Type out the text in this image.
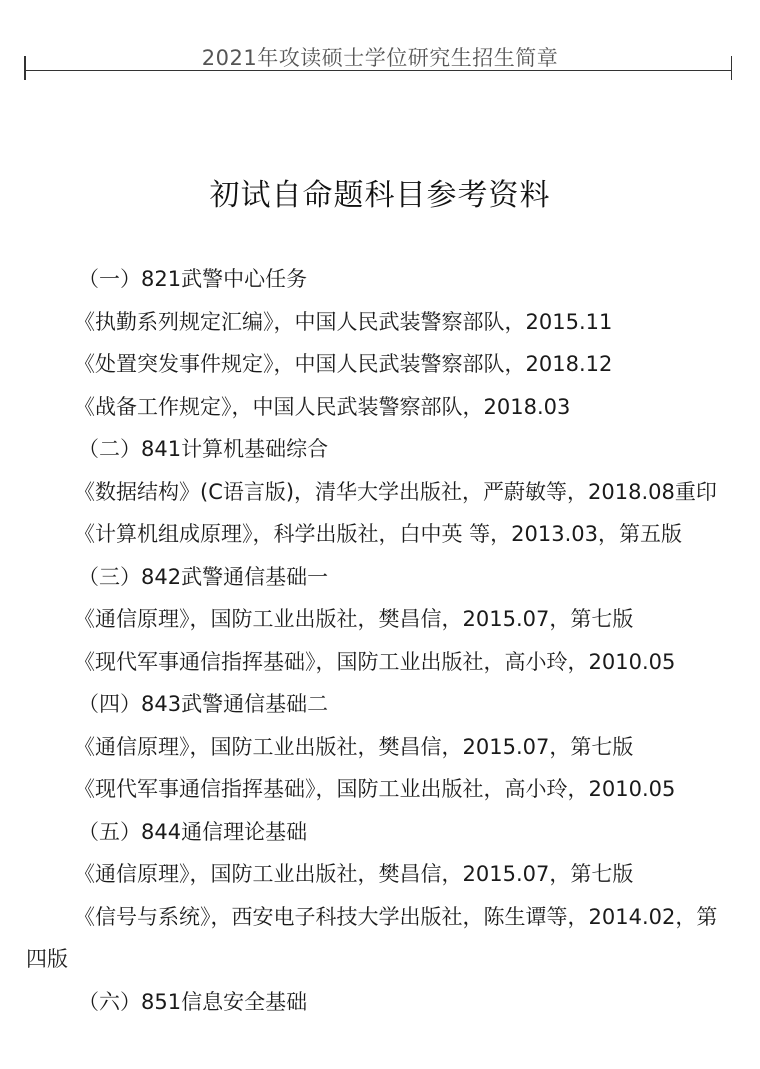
2021年攻读硕士学位研究生招生简章
初试自命题科目参考资料
（一）821武警中心任务
《执勤系列规定汇编》，中国人民武装警察部队，2015.11
《处置突发事件规定》，中国人民武装警察部队，2018.12
《战备工作规定》，中国人民武装警察部队，2018.03
（二）841计算机基础综合
《数据结构》(C语言版)，清华大学出版社，严蔚敏等，2018.08重印
《计算机组成原理》，科学出版社，白中英 等，2013.03，第五版
（三）842武警通信基础一
《通信原理》，国防工业出版社，樊昌信，2015.07，第七版
《现代军事通信指挥基础》，国防工业出版社，高小玲，2010.05
（四）843武警通信基础二
《通信原理》，国防工业出版社，樊昌信，2015.07，第七版
《现代军事通信指挥基础》，国防工业出版社，高小玲，2010.05
（五）844通信理论基础
《通信原理》，国防工业出版社，樊昌信，2015.07，第七版
《信号与系统》，西安电子科技大学出版社，陈生谭等，2014.02，第四版
（六）851信息安全基础
